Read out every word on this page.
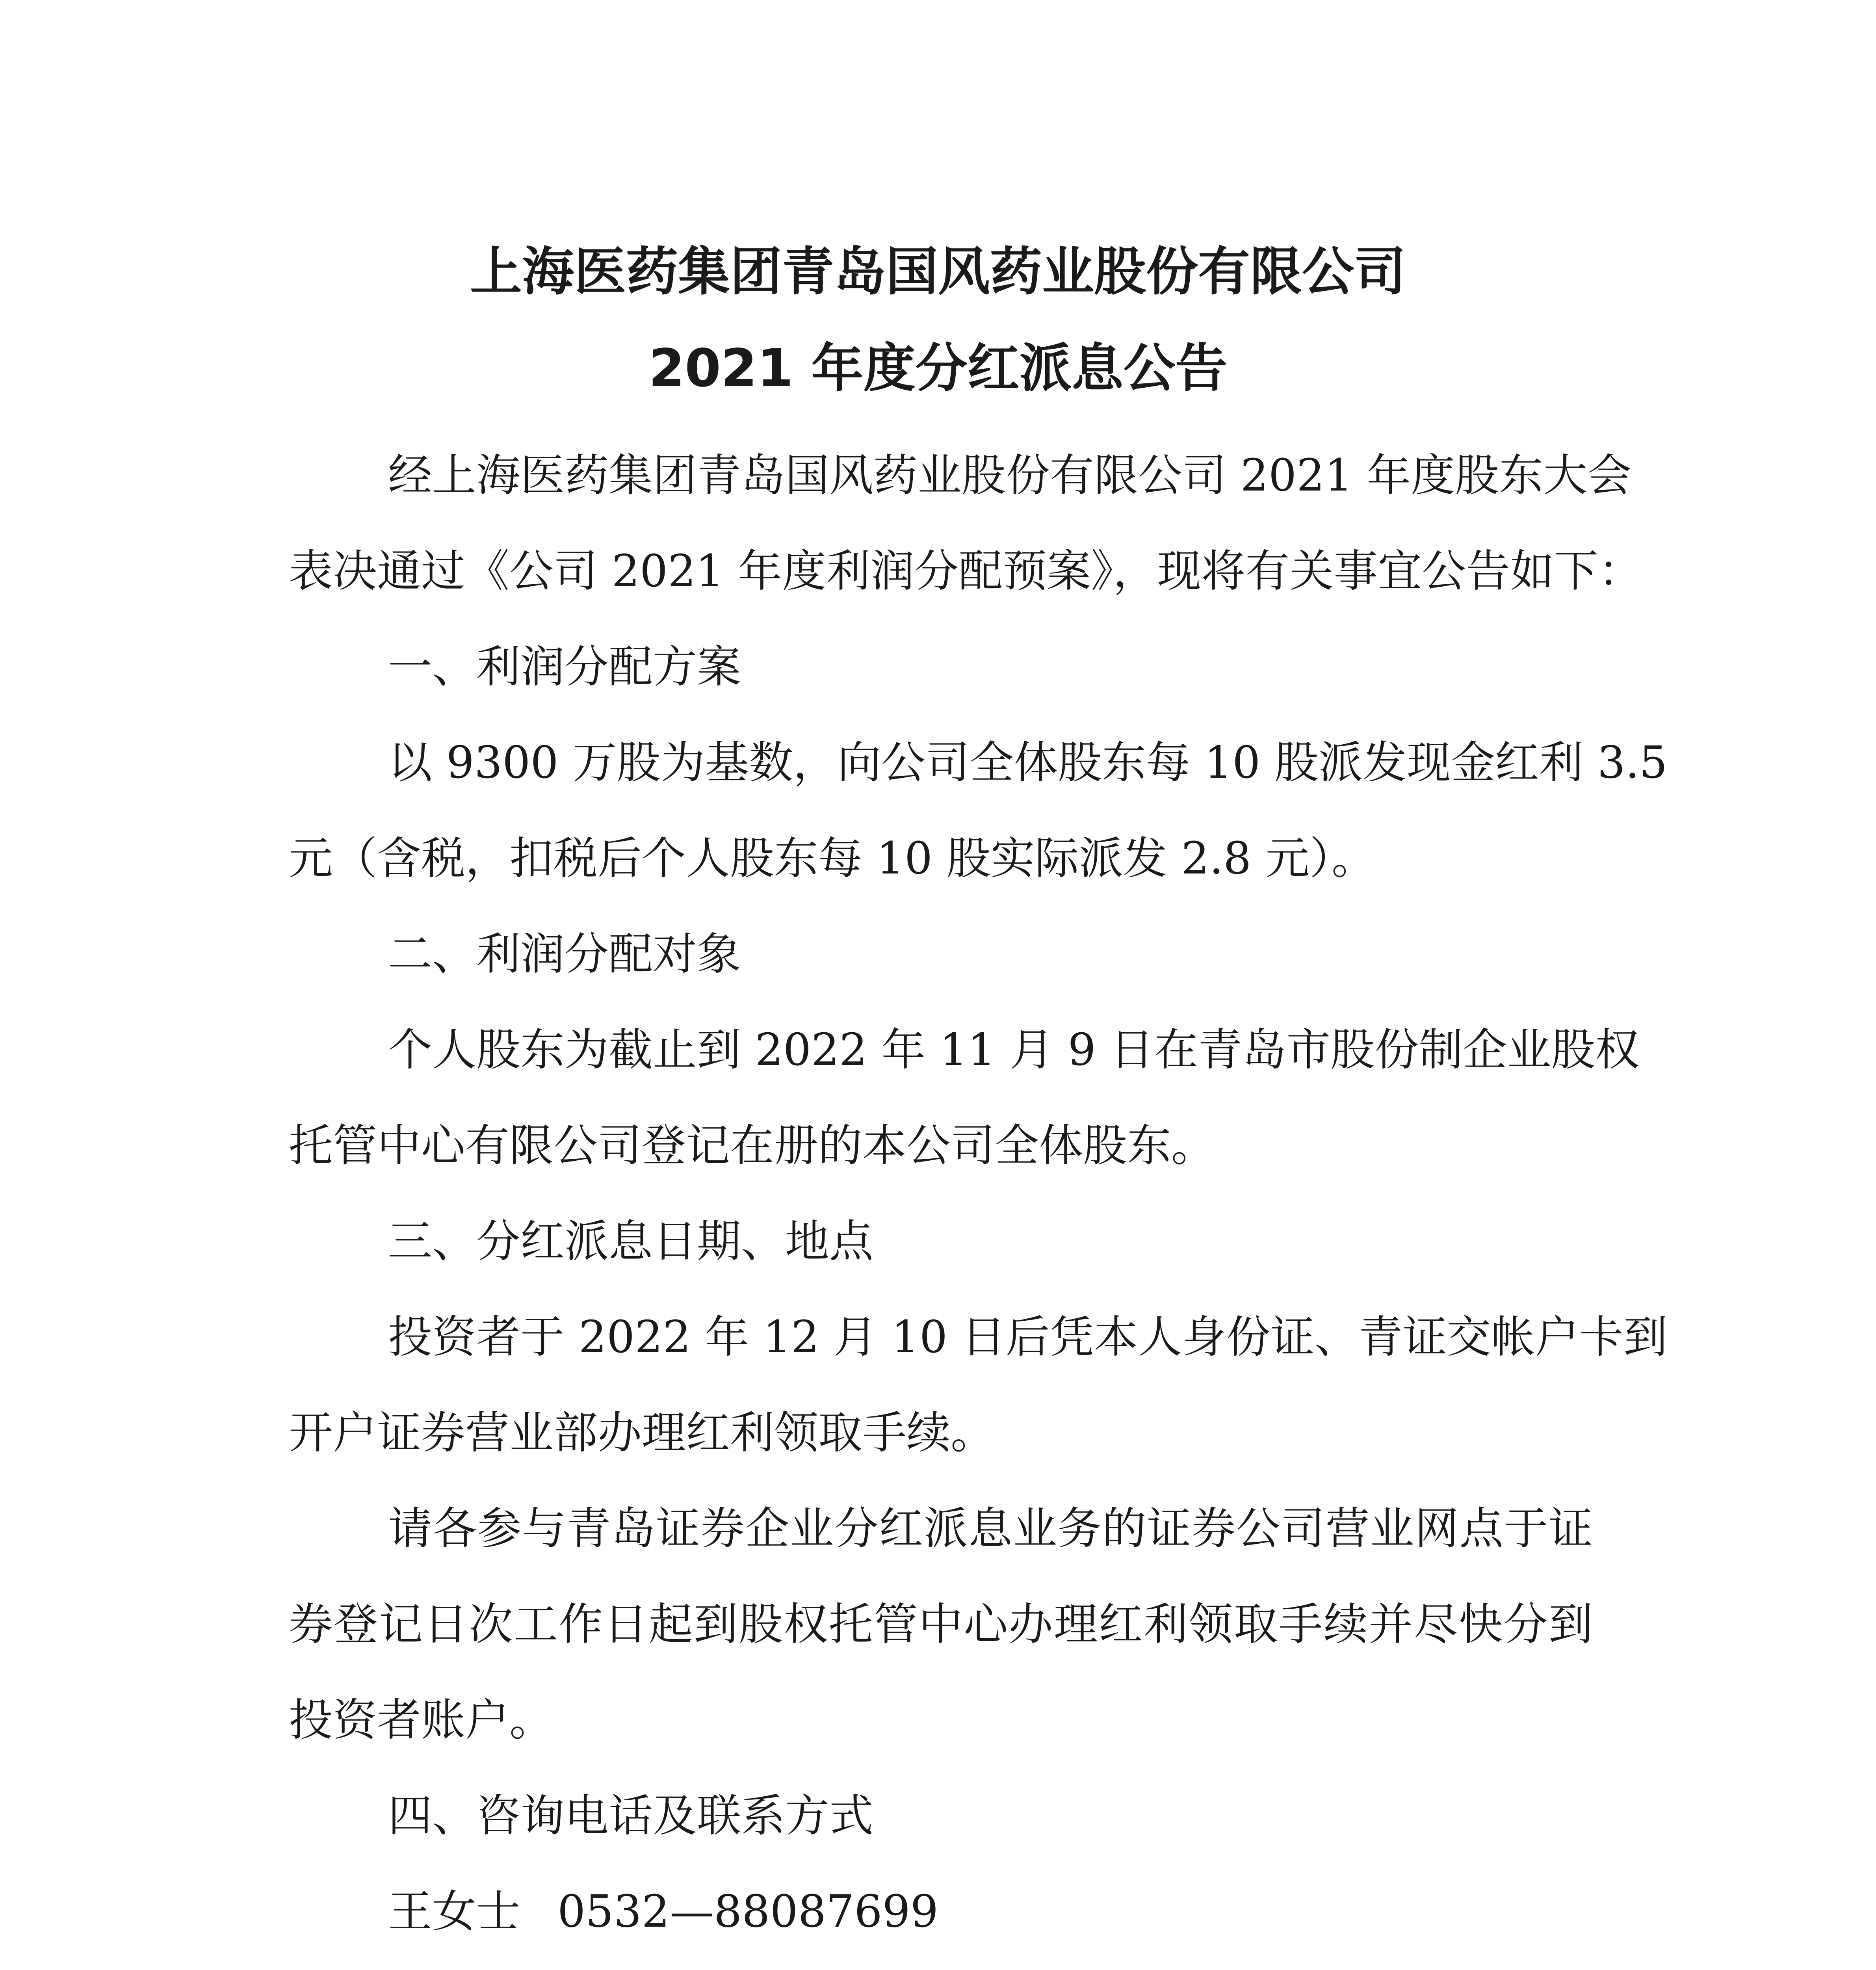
上海医药集团青岛国风药业股份有限公司
2021 年度分红派息公告
经上海医药集团青岛国风药业股份有限公司 2021 年度股东大会
表决通过《公司 2021 年度利润分配预案》，现将有关事宜公告如下：
一、利润分配方案
以 9300 万股为基数，向公司全体股东每 10 股派发现金红利 3.5
元（含税，扣税后个人股东每 10 股实际派发 2.8 元）。
二、利润分配对象
个人股东为截止到 2022 年 11 月 9 日在青岛市股份制企业股权
托管中心有限公司登记在册的本公司全体股东。
三、分红派息日期、地点
投资者于 2022 年 12 月 10 日后凭本人身份证、青证交帐户卡到
开户证券营业部办理红利领取手续。
请各参与青岛证券企业分红派息业务的证券公司营业网点于证
券登记日次工作日起到股权托管中心办理红利领取手续并尽快分到
投资者账户。
四、咨询电话及联系方式
王女士 0532—88087699
